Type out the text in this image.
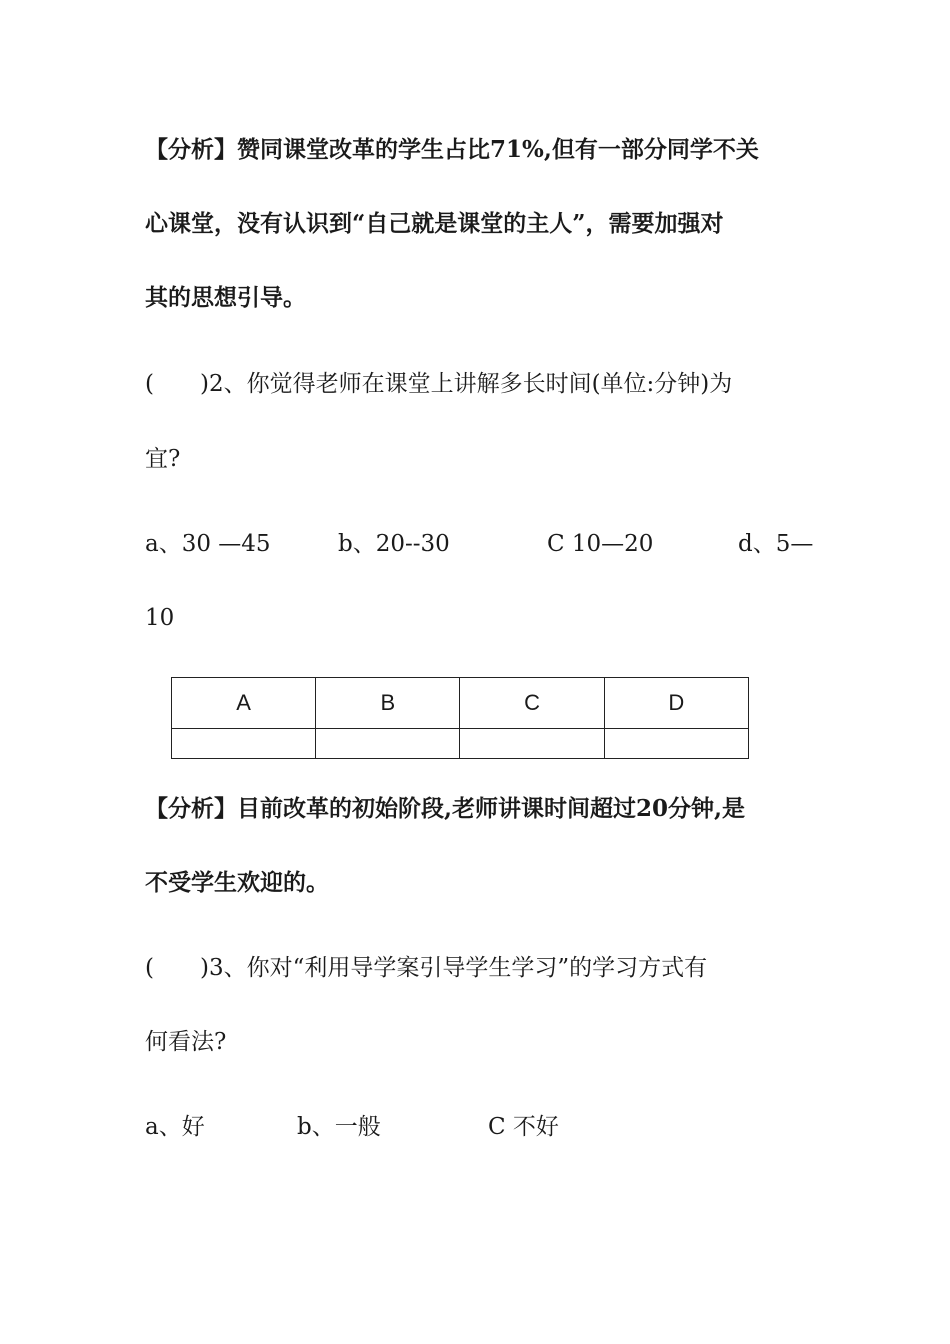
【分析】赞同课堂改革的学生占比71%,但有一部分同学不关
心课堂，没有认识到“自己就是课堂的主人”，需要加强对
其的思想引导。
(　　)2、你觉得老师在课堂上讲解多长时间(单位:分钟)为
宜?
a、30 —45	b、20--30	C 10—20	d、5—
10
A	B	C	D

【分析】目前改革的初始阶段,老师讲课时间超过20分钟,是
不受学生欢迎的。
(　　)3、你对“利用导学案引导学生学习”的学习方式有
何看法?
a、好	b、一般	C 不好
